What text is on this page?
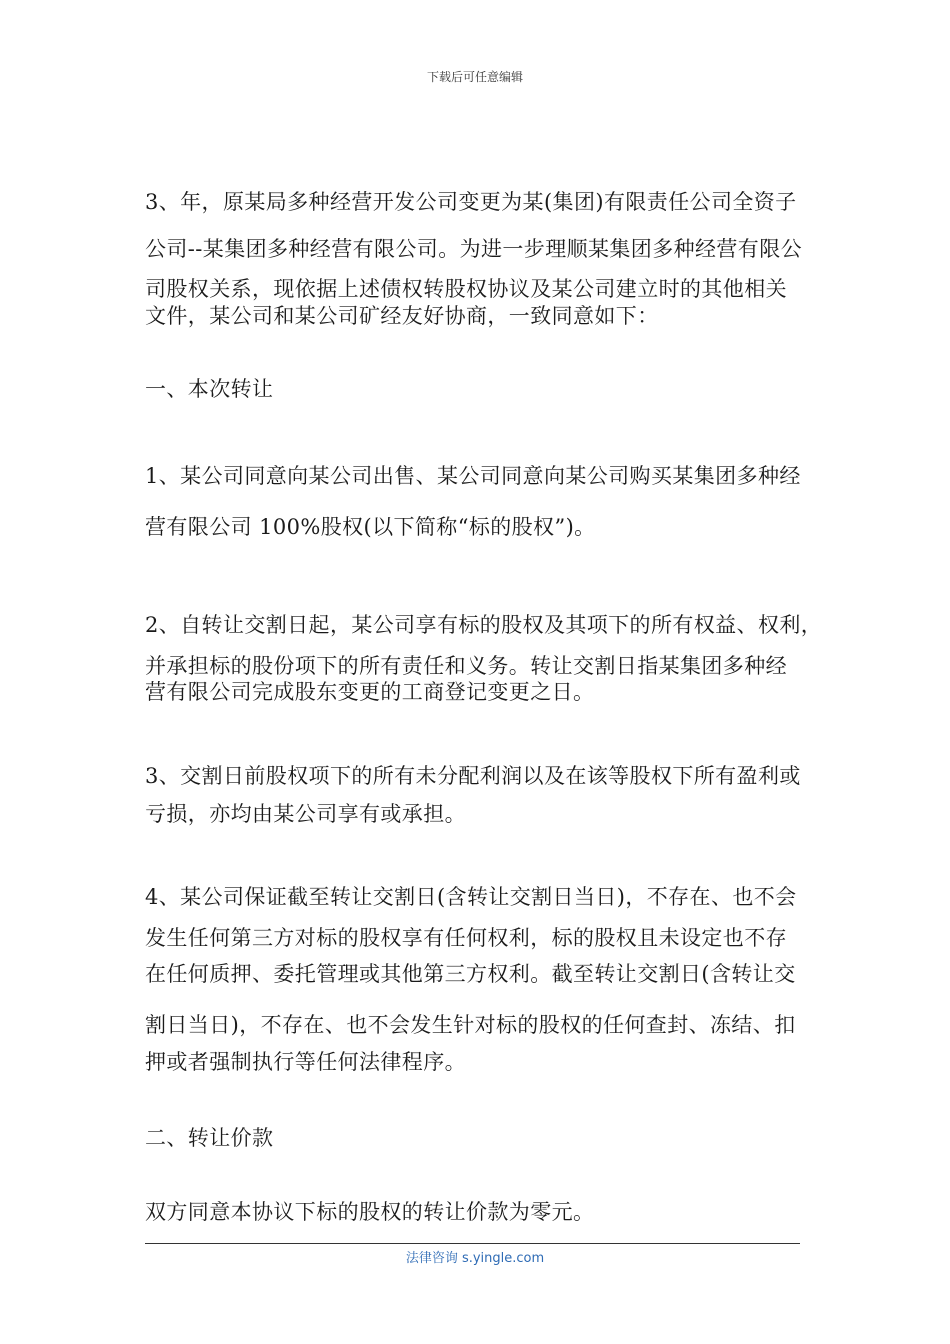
下载后可任意编辑
3、年，原某局多种经营开发公司变更为某(集团)有限责任公司全资子
公司--某集团多种经营有限公司。为进一步理顺某集团多种经营有限公
司股权关系，现依据上述债权转股权协议及某公司建立时的其他相关
文件，某公司和某公司矿经友好协商，一致同意如下：
一、本次转让
1、某公司同意向某公司出售、某公司同意向某公司购买某集团多种经
营有限公司 100%股权(以下简称“标的股权”)。
2、自转让交割日起，某公司享有标的股权及其项下的所有权益、权利，
并承担标的股份项下的所有责任和义务。转让交割日指某集团多种经
营有限公司完成股东变更的工商登记变更之日。
3、交割日前股权项下的所有未分配利润以及在该等股权下所有盈利或
亏损，亦均由某公司享有或承担。
4、某公司保证截至转让交割日(含转让交割日当日)，不存在、也不会
发生任何第三方对标的股权享有任何权利，标的股权且未设定也不存
在任何质押、委托管理或其他第三方权利。截至转让交割日(含转让交
割日当日)，不存在、也不会发生针对标的股权的任何查封、冻结、扣
押或者强制执行等任何法律程序。
二、转让价款
双方同意本协议下标的股权的转让价款为零元。
法律咨询 s.yingle.com
